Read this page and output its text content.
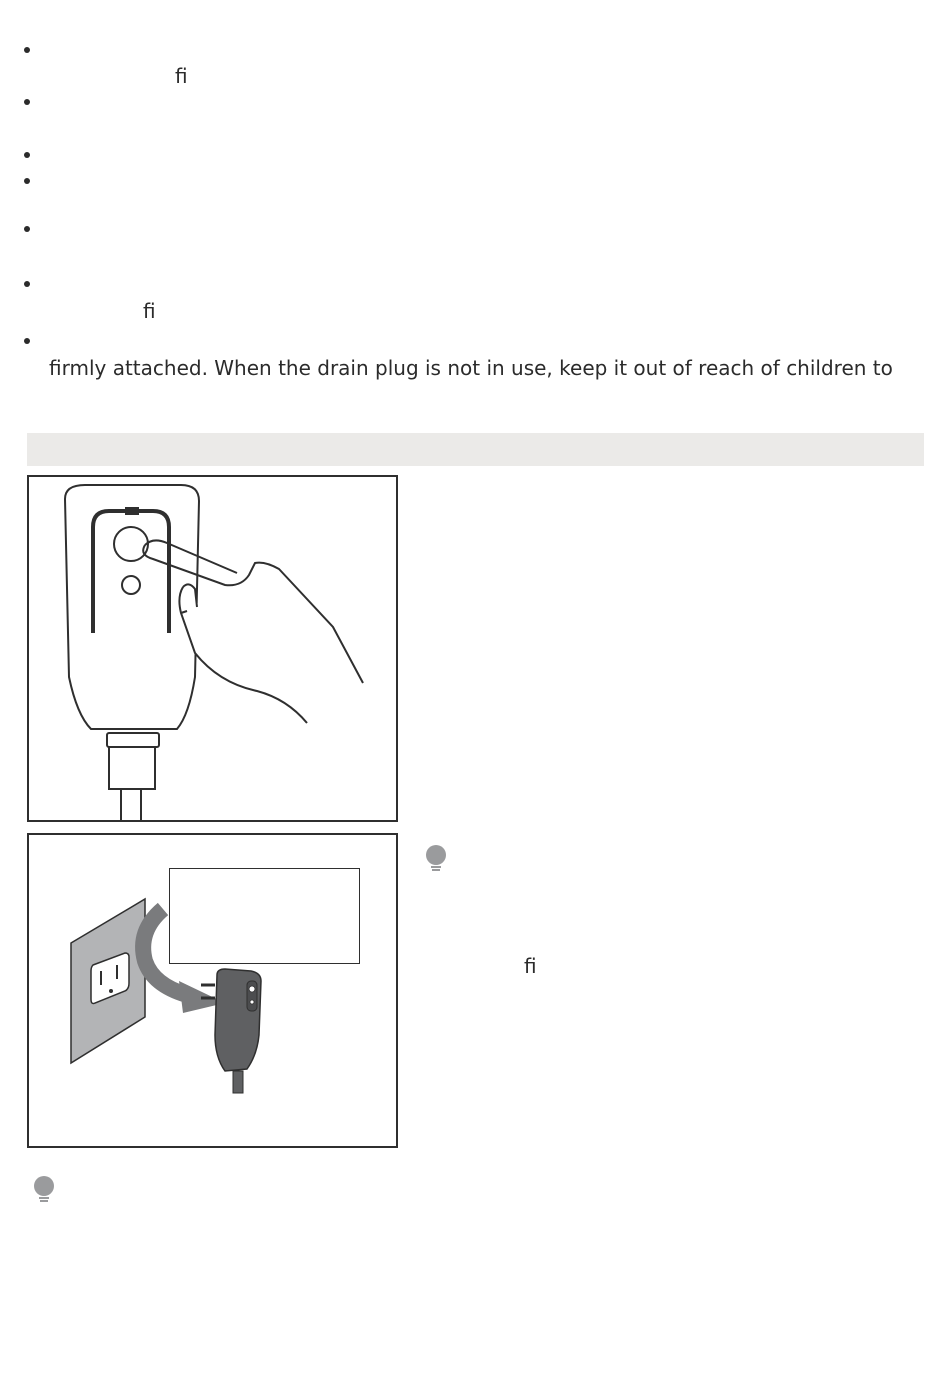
fi
fi
firmly attached. When the drain plug is not in use, keep it out of reach of children to
fi
